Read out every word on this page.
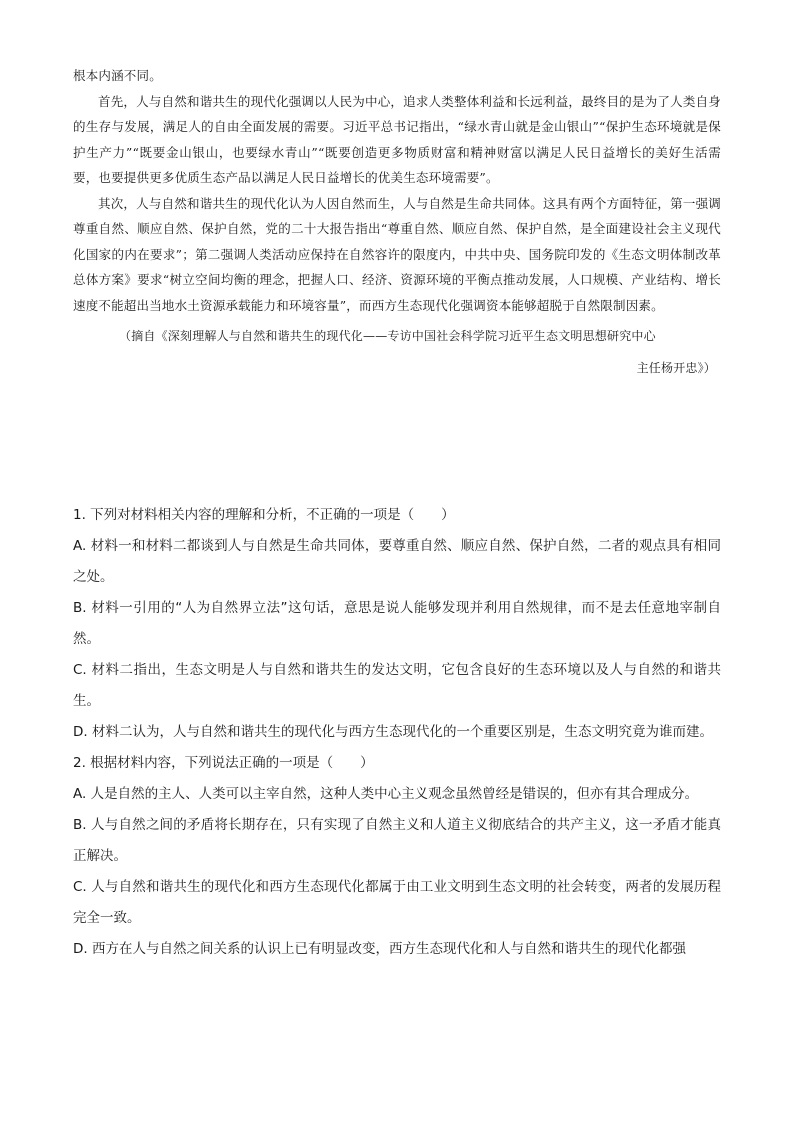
根本内涵不同。

首先，人与自然和谐共生的现代化强调以人民为中心，追求人类整体利益和长远利益，最终目的是为了人类自身的生存与发展，满足人的自由全面发展的需要。习近平总书记指出，“绿水青山就是金山银山”“保护生态环境就是保护生产力”“既要金山银山，也要绿水青山”“既要创造更多物质财富和精神财富以满足人民日益增长的美好生活需要，也要提供更多优质生态产品以满足人民日益增长的优美生态环境需要”。

其次，人与自然和谐共生的现代化认为人因自然而生，人与自然是生命共同体。这具有两个方面特征，第一强调尊重自然、顺应自然、保护自然，党的二十大报告指出“尊重自然、顺应自然、保护自然，是全面建设社会主义现代化国家的内在要求”；第二强调人类活动应保持在自然容许的限度内，中共中央、国务院印发的《生态文明体制改革总体方案》要求“树立空间均衡的理念，把握人口、经济、资源环境的平衡点推动发展，人口规模、产业结构、增长速度不能超出当地水土资源承载能力和环境容量”，而西方生态现代化强调资本能够超脱于自然限制因素。

（摘自《深刻理解人与自然和谐共生的现代化——专访中国社会科学院习近平生态文明思想研究中心

主任杨开忠》）

1. 下列对材料相关内容的理解和分析，不正确的一项是（　　）

A. 材料一和材料二都谈到人与自然是生命共同体，要尊重自然、顺应自然、保护自然，二者的观点具有相同之处。

B. 材料一引用的“人为自然界立法”这句话，意思是说人能够发现并利用自然规律，而不是去任意地宰制自然。

C. 材料二指出，生态文明是人与自然和谐共生的发达文明，它包含良好的生态环境以及人与自然的和谐共生。

D. 材料二认为，人与自然和谐共生的现代化与西方生态现代化的一个重要区别是，生态文明究竟为谁而建。

2. 根据材料内容，下列说法正确的一项是（　　）

A. 人是自然的主人、人类可以主宰自然，这种人类中心主义观念虽然曾经是错误的，但亦有其合理成分。

B. 人与自然之间的矛盾将长期存在，只有实现了自然主义和人道主义彻底结合的共产主义，这一矛盾才能真正解决。

C. 人与自然和谐共生的现代化和西方生态现代化都属于由工业文明到生态文明的社会转变，两者的发展历程完全一致。

D. 西方在人与自然之间关系的认识上已有明显改变，西方生态现代化和人与自然和谐共生的现代化都强
